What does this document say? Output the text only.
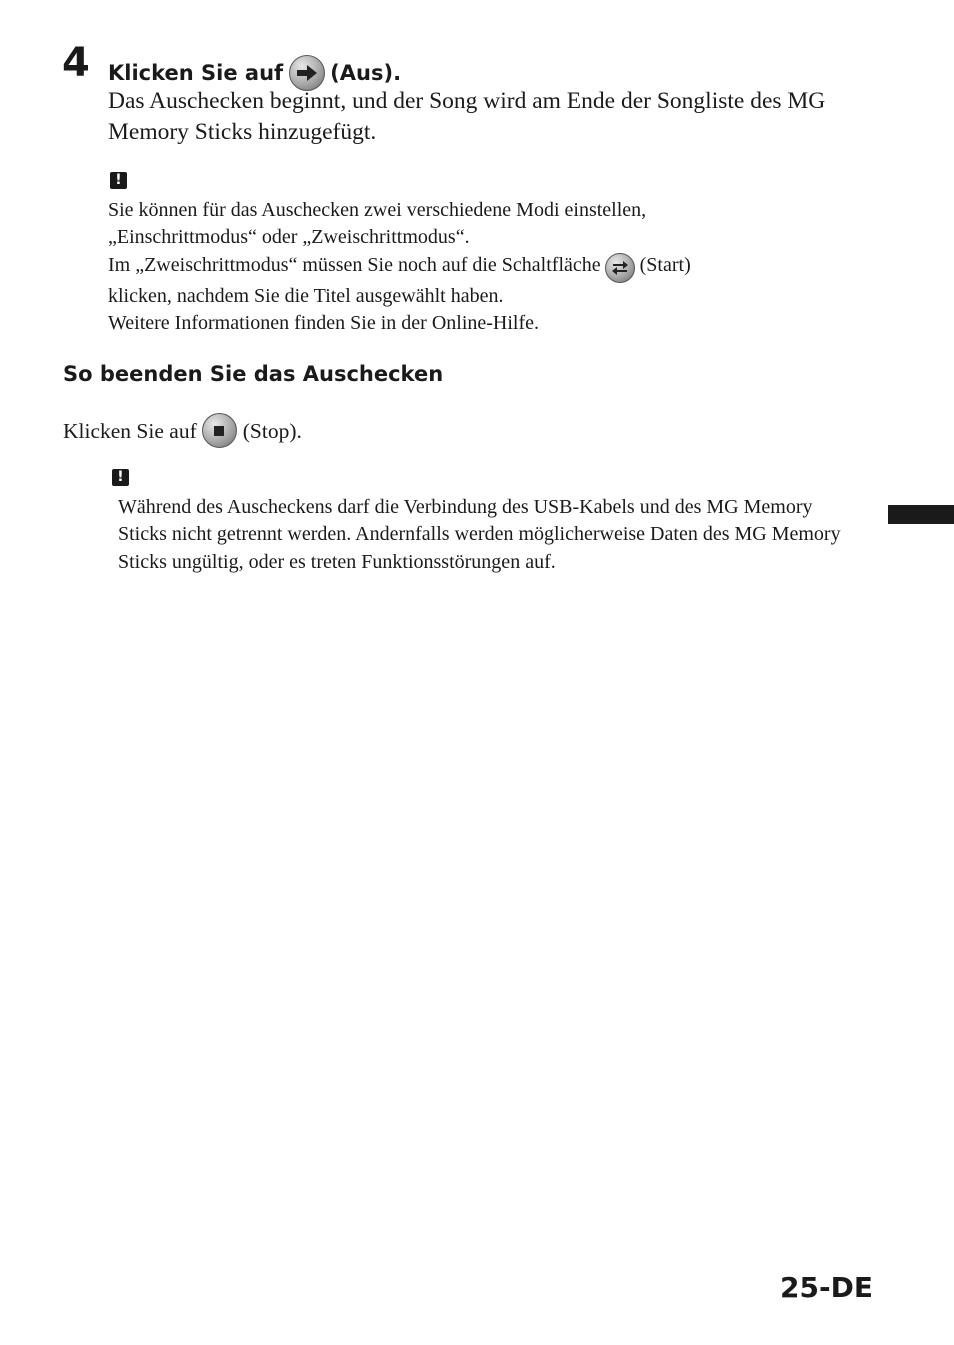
4 Klicken Sie auf (Aus).
Das Auschecken beginnt, und der Song wird am Ende der Songliste des MG Memory Sticks hinzugefügt.
!
Sie können für das Auschecken zwei verschiedene Modi einstellen,
„Einschrittmodus“ oder „Zweischrittmodus“.
Im „Zweischrittmodus“ müssen Sie noch auf die Schaltfläche (Start)
klicken, nachdem Sie die Titel ausgewählt haben.
Weitere Informationen finden Sie in der Online-Hilfe.
So beenden Sie das Auschecken
Klicken Sie auf (Stop).
!
Während des Auscheckens darf die Verbindung des USB-Kabels und des MG Memory Sticks nicht getrennt werden. Andernfalls werden möglicherweise Daten des MG Memory Sticks ungültig, oder es treten Funktionsstörungen auf.
25-DE
